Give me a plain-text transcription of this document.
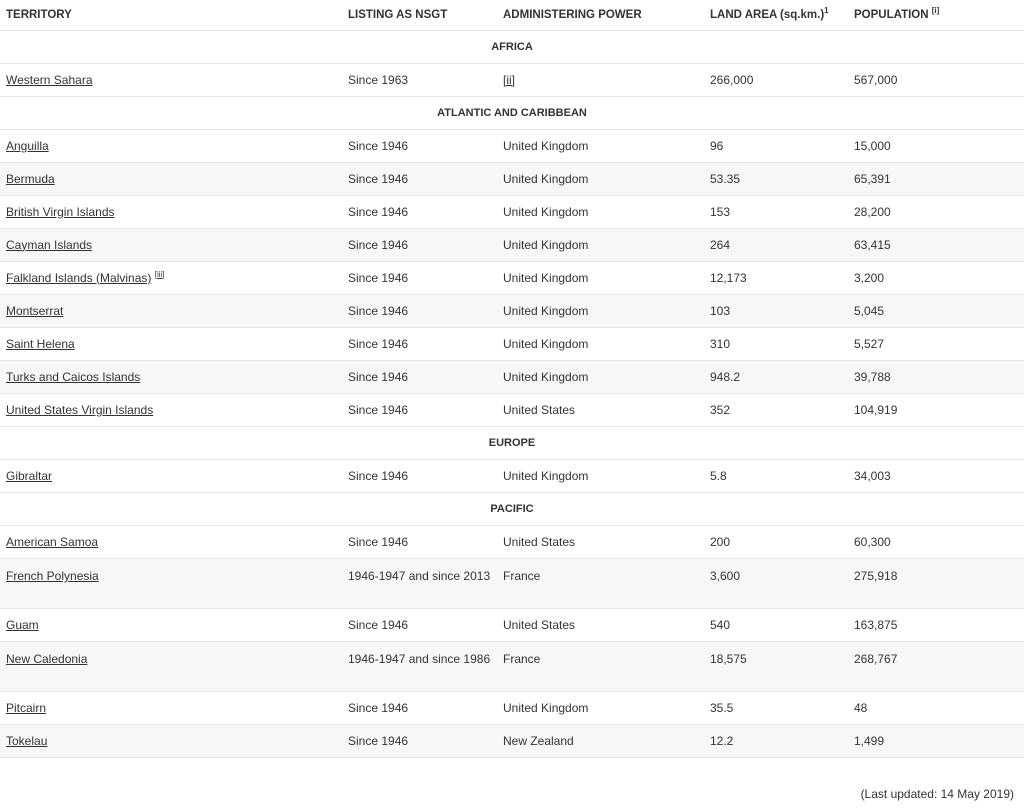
TERRITORY	LISTING AS NSGT	ADMINISTERING POWER	LAND AREA (sq.km.)$^1$	POPULATION [i]
AFRICA				
Western Sahara	Since 1963	[ii]	266,000	567,000
ATLANTIC AND CARIBBEAN				
Anguilla	Since 1946	United Kingdom	96	15,000
Bermuda	Since 1946	United Kingdom	53.35	65,391
British Virgin Islands	Since 1946	United Kingdom	153	28,200
Cayman Islands	Since 1946	United Kingdom	264	63,415
Falkland Islands (Malvinas) [iii]	Since 1946	United Kingdom	12,173	3,200
Montserrat	Since 1946	United Kingdom	103	5,045
Saint Helena	Since 1946	United Kingdom	310	5,527
Turks and Caicos Islands	Since 1946	United Kingdom	948.2	39,788
United States Virgin Islands	Since 1946	United States	352	104,919
EUROPE				
Gibraltar	Since 1946	United Kingdom	5.8	34,003
PACIFIC				
American Samoa	Since 1946	United States	200	60,300
French Polynesia	1946-1947 and since 2013	France	3,600	275,918
Guam	Since 1946	United States	540	163,875
New Caledonia	1946-1947 and since 1986	France	18,575	268,767
Pitcairn	Since 1946	United Kingdom	35.5	48
Tokelau	Since 1946	New Zealand	12.2	1,499
(Last updated: 14 May 2019)
